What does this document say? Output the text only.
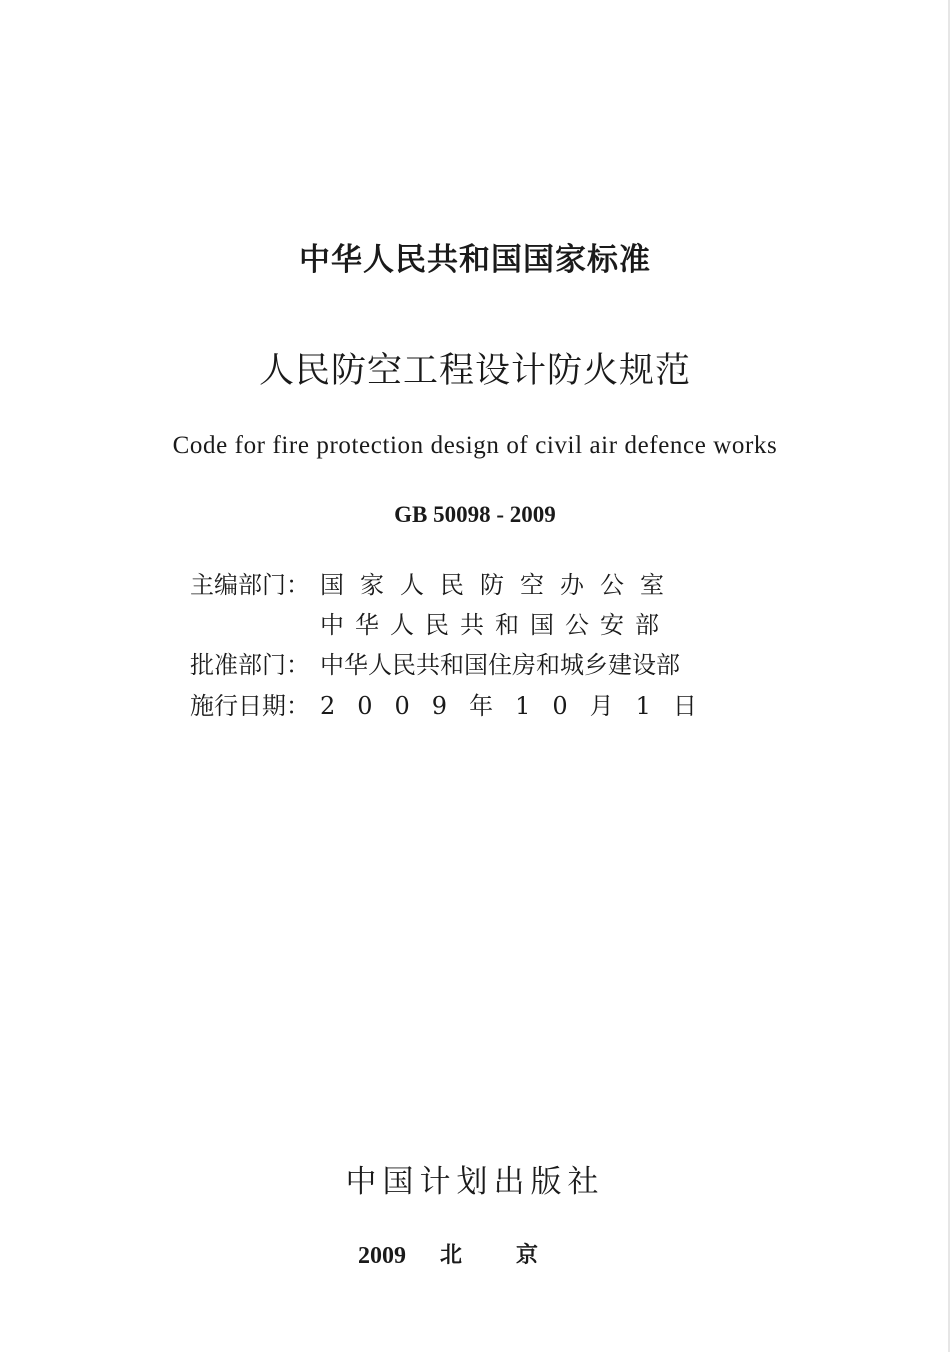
中华人民共和国国家标准
人民防空工程设计防火规范
Code for fire protection design of civil air defence works
GB 50098 - 2009
主编部门： 国家人民防空办公室
中华人民共和国公安部
批准部门： 中华人民共和国住房和城乡建设部
施行日期： 2009年10月1日
中国计划出版社
2009 北京
